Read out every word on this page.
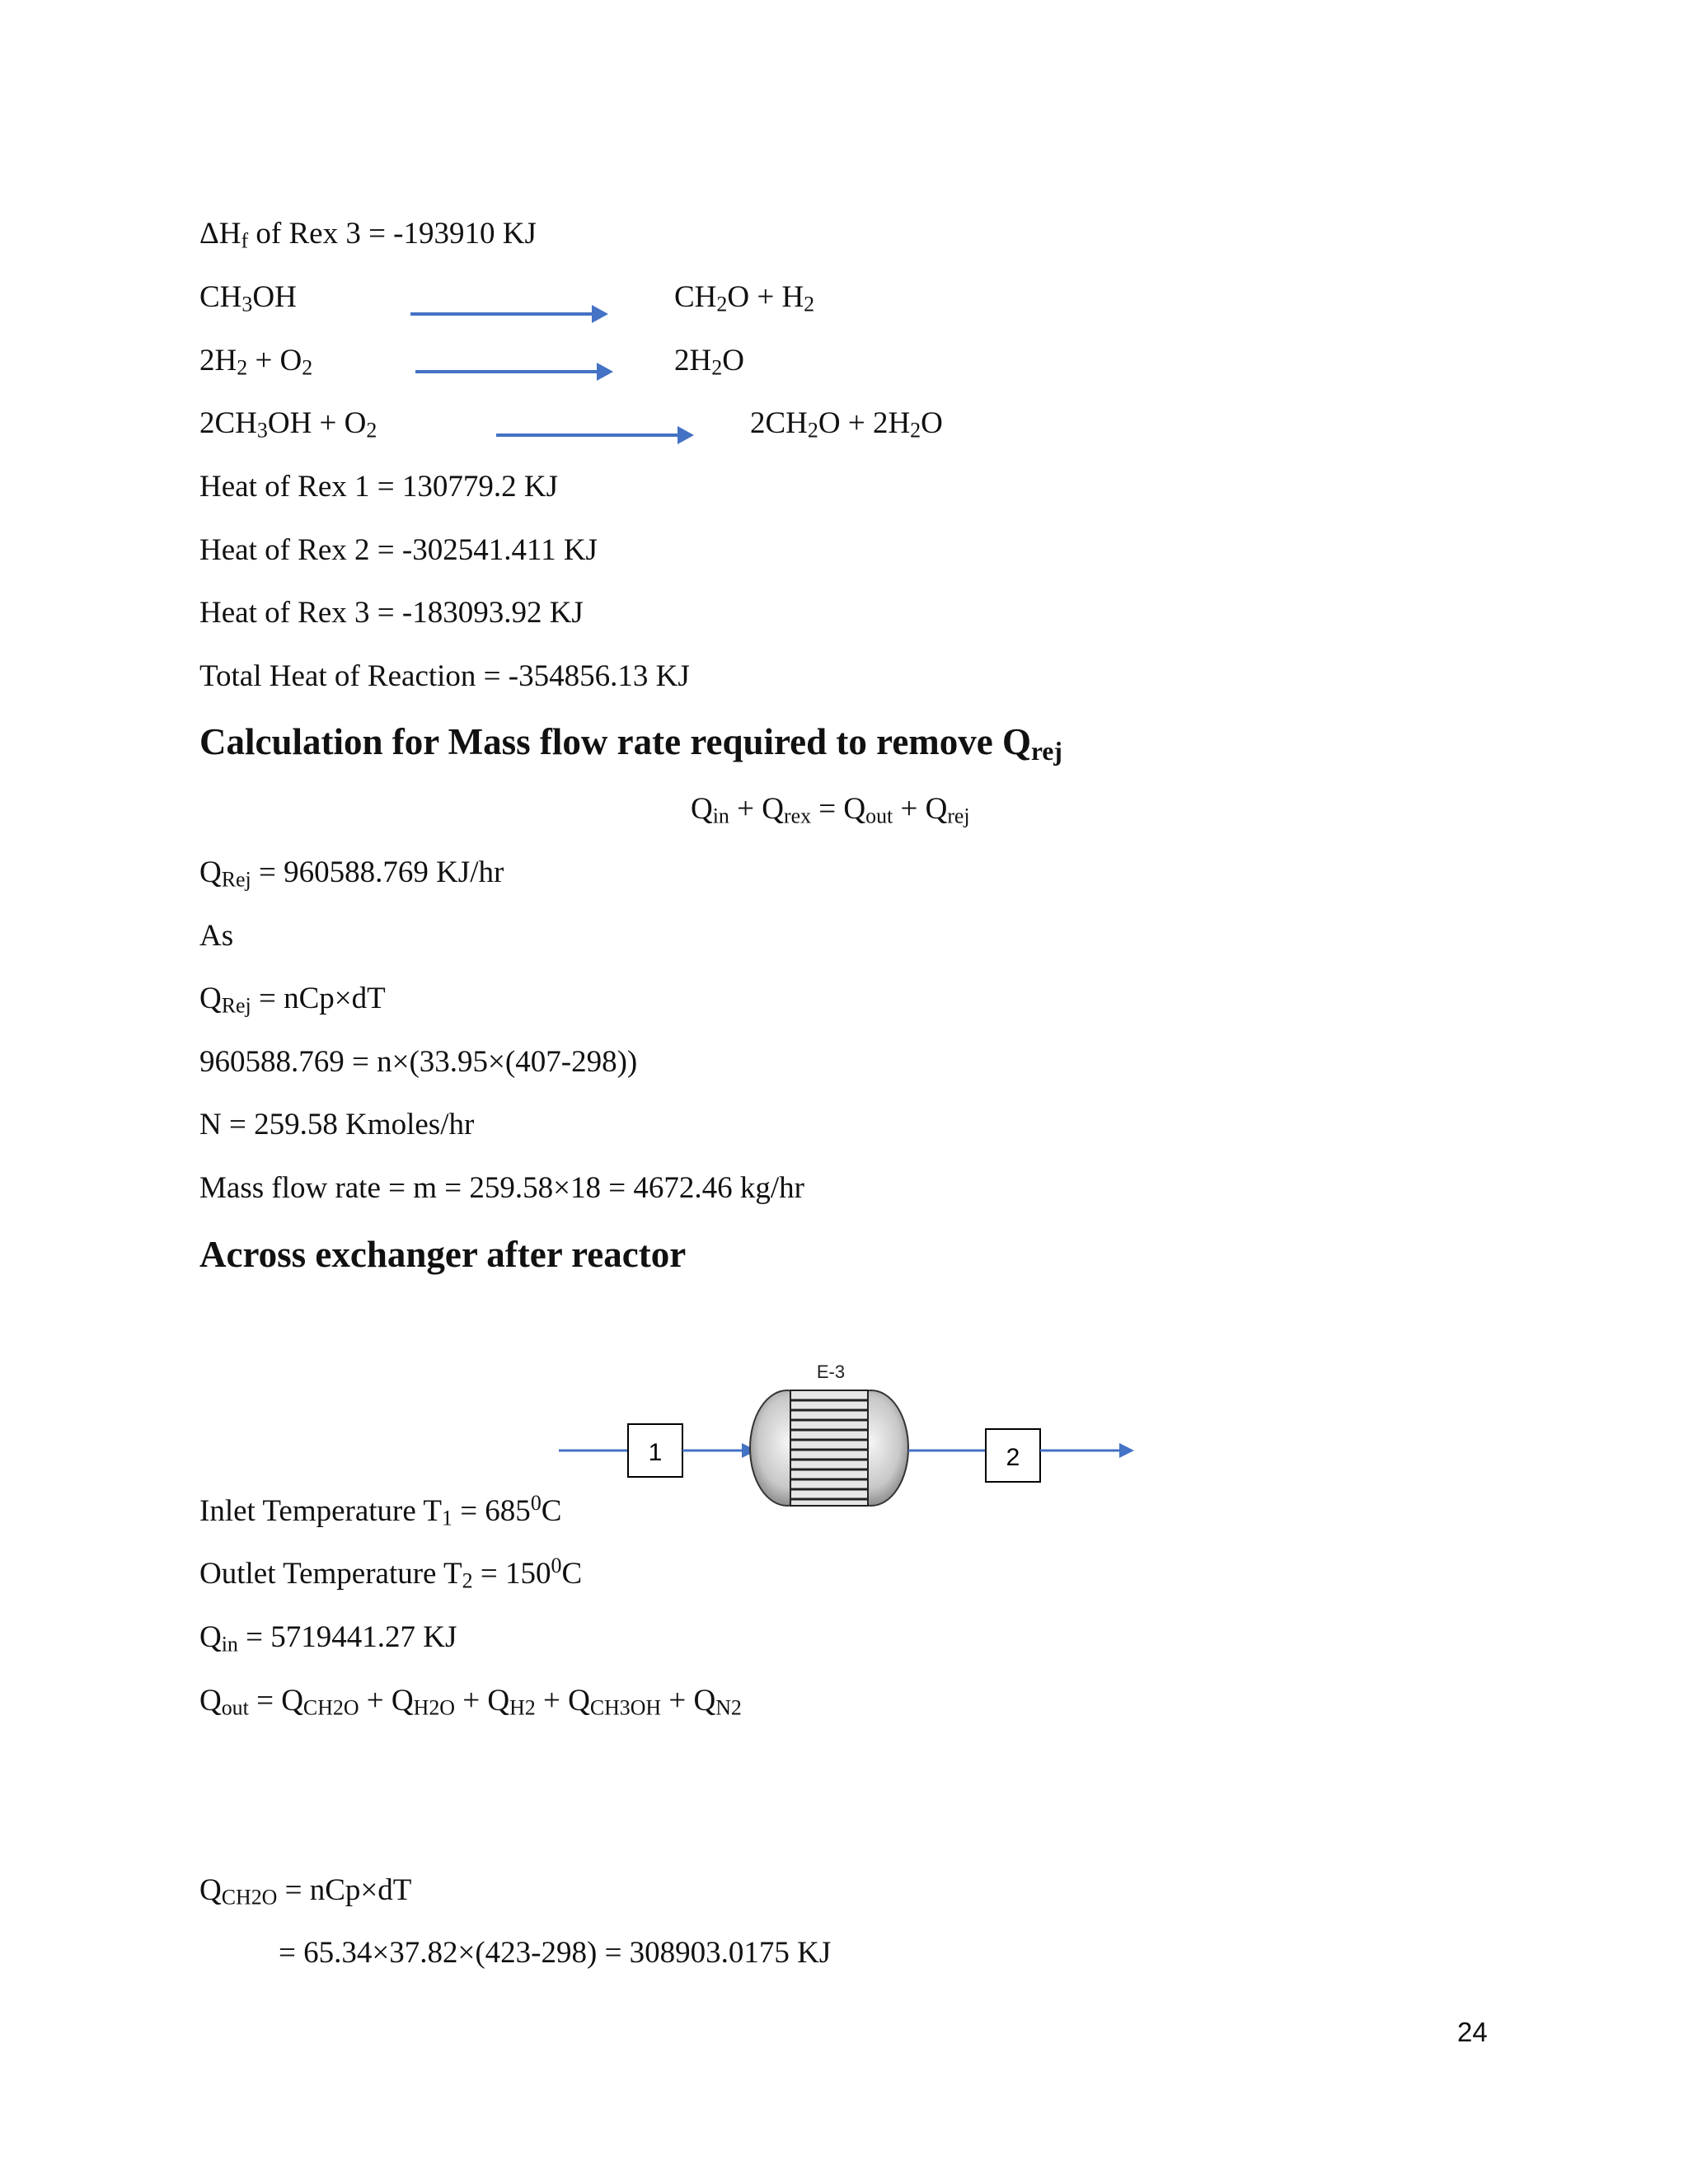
$\Delta H_f$ of Rex 3 = -193910 KJ
$CH_3OH$	$CH_2O + H_2$
$2H_2 + O_2$	$2H_2O$
$2CH_3OH + O_2$	$2CH_2O + 2H_2O$
Heat of Rex 1 = 130779.2 KJ
Heat of Rex 2 = -302541.411 KJ
Heat of Rex 3 = -183093.92 KJ
Total Heat of Reaction = -354856.13 KJ
Calculation for Mass flow rate required to remove $Q_{rej}$
$Q_{in} + Q_{rex} = Q_{out} + Q_{rej}$
$Q_{Rej} = 960588.769$ KJ/hr
As
$Q_{Rej} = nCp\times dT$
960588.769 = n×(33.95×(407-298))
N = 259.58 Kmoles/hr
Mass flow rate = m = 259.58×18 = 4672.46 kg/hr
Across exchanger after reactor
E-3
1	2
Inlet Temperature $T_1 = 685^0C$
Outlet Temperature $T_2 = 150^0C$
$Q_{in} = 5719441.27$ KJ
$Q_{out} = Q_{CH2O} + Q_{H2O} + Q_{H2} + Q_{CH3OH} + Q_{N2}$
$Q_{CH2O} = nCp\times dT$
= 65.34×37.82×(423-298) = 308903.0175 KJ
24
